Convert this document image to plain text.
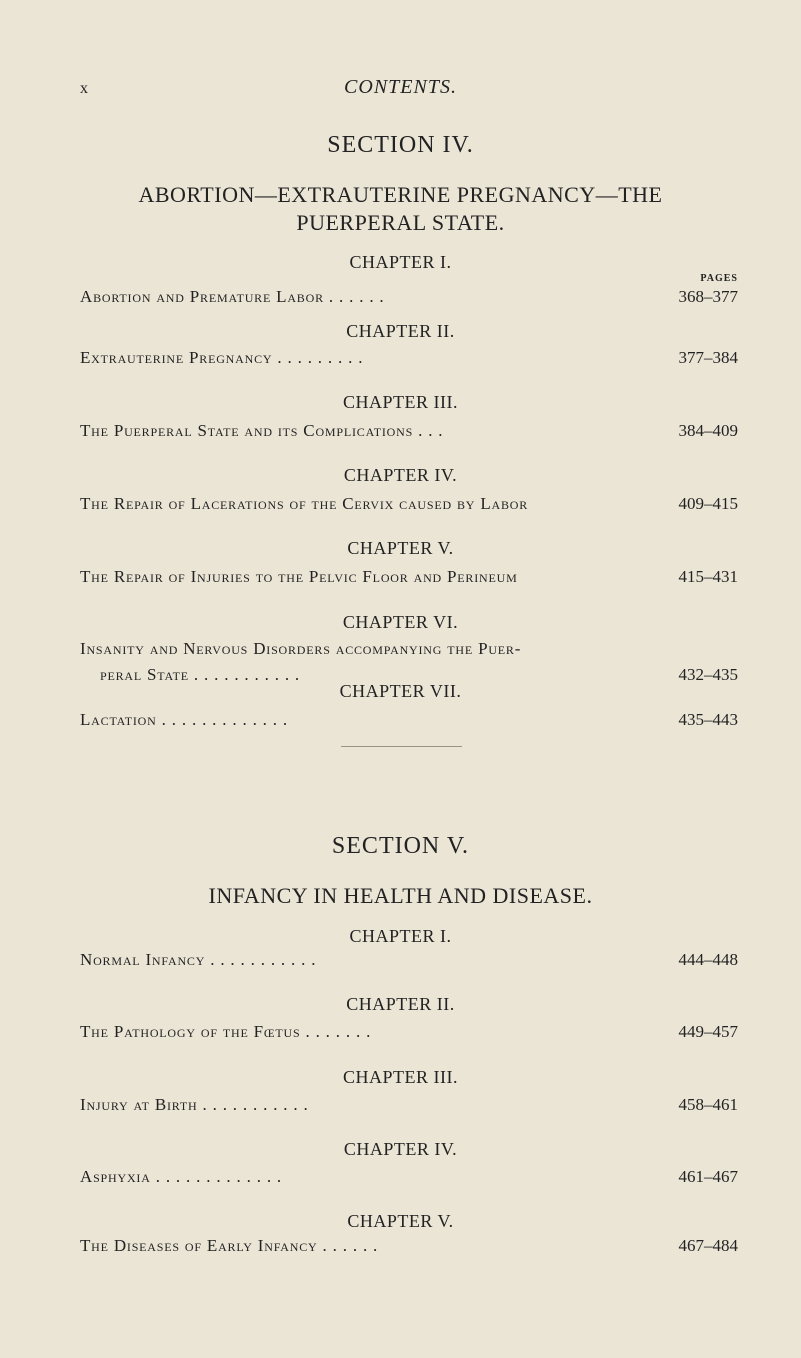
x	CONTENTS.
SECTION IV.
ABORTION—EXTRAUTERINE PREGNANCY—THE
PUERPERAL STATE.
PAGES
CHAPTER I.
Abortion and Premature Labor . . . . . .	368–377
CHAPTER II.
Extrauterine Pregnancy . . . . . . . . .	377–384
CHAPTER III.
The Puerperal State and its Complications . . .	384–409
CHAPTER IV.
The Repair of Lacerations of the Cervix caused by Labor	409–415
CHAPTER V.
The Repair of Injuries to the Pelvic Floor and Perineum	415–431
CHAPTER VI.
Insanity and Nervous Disorders accompanying the Puer-
peral State . . . . . . . . . . .	432–435
CHAPTER VII.
Lactation . . . . . . . . . . . . .	435–443
SECTION V.
INFANCY IN HEALTH AND DISEASE.
CHAPTER I.
Normal Infancy . . . . . . . . . . .	444–448
CHAPTER II.
The Pathology of the Fœtus . . . . . . .	449–457
CHAPTER III.
Injury at Birth . . . . . . . . . . .	458–461
CHAPTER IV.
Asphyxia . . . . . . . . . . . . .	461–467
CHAPTER V.
The Diseases of Early Infancy . . . . . .	467–484
